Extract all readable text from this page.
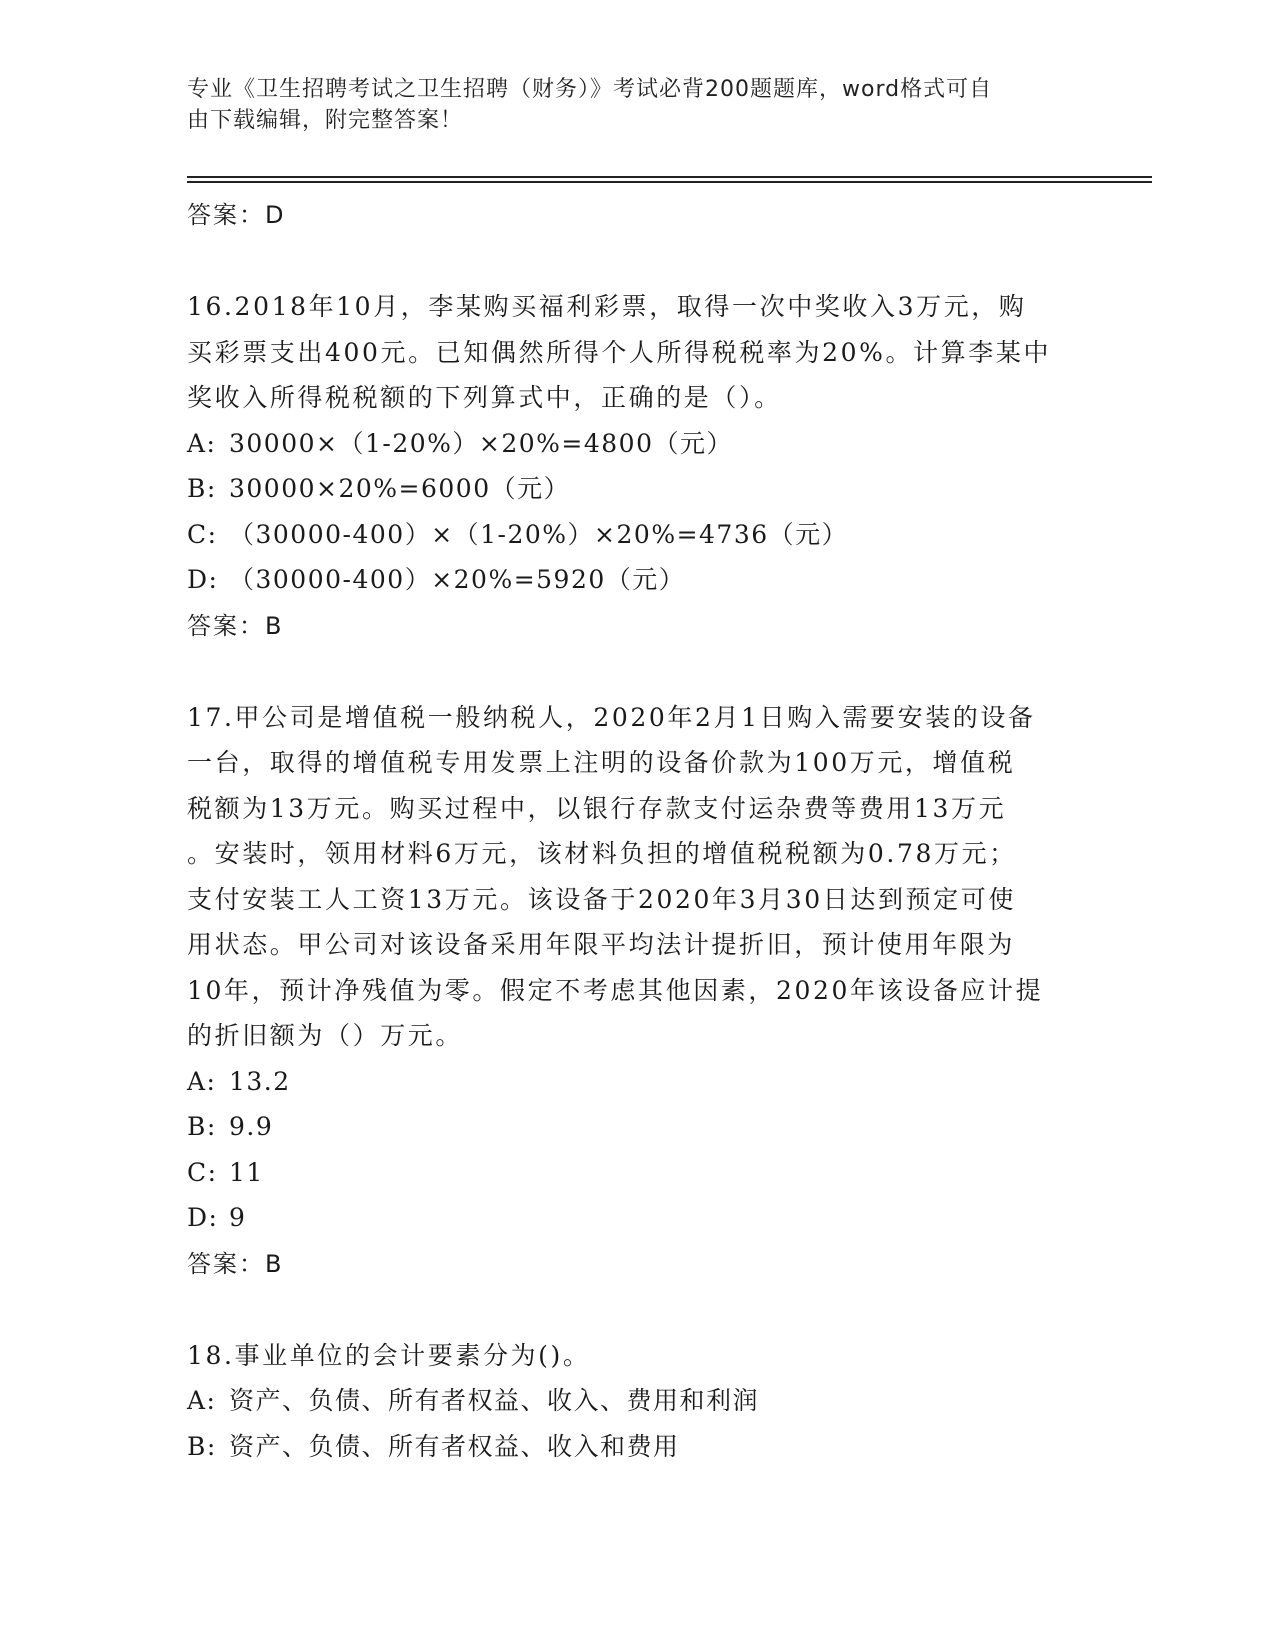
专业《卫生招聘考试之卫生招聘（财务）》考试必背200题题库，word格式可自
由下载编辑，附完整答案！
答案：D
16.2018年10月，李某购买福利彩票，取得一次中奖收入3万元，购
买彩票支出400元。已知偶然所得个人所得税税率为20%。计算李某中
奖收入所得税税额的下列算式中，正确的是（）。
A: 30000×（1-20%）×20%=4800（元）
B: 30000×20%=6000（元）
C: （30000-400）×（1-20%）×20%=4736（元）
D: （30000-400）×20%=5920（元）
答案：B
17.甲公司是增值税一般纳税人，2020年2月1日购入需要安装的设备
一台，取得的增值税专用发票上注明的设备价款为100万元，增值税
税额为13万元。购买过程中，以银行存款支付运杂费等费用13万元
。安装时，领用材料6万元，该材料负担的增值税税额为0.78万元；
支付安装工人工资13万元。该设备于2020年3月30日达到预定可使
用状态。甲公司对该设备采用年限平均法计提折旧，预计使用年限为
10年，预计净残值为零。假定不考虑其他因素，2020年该设备应计提
的折旧额为（）万元。
A: 13.2
B: 9.9
C: 11
D: 9
答案：B
18.事业单位的会计要素分为()。
A: 资产、负债、所有者权益、收入、费用和利润
B: 资产、负债、所有者权益、收入和费用
